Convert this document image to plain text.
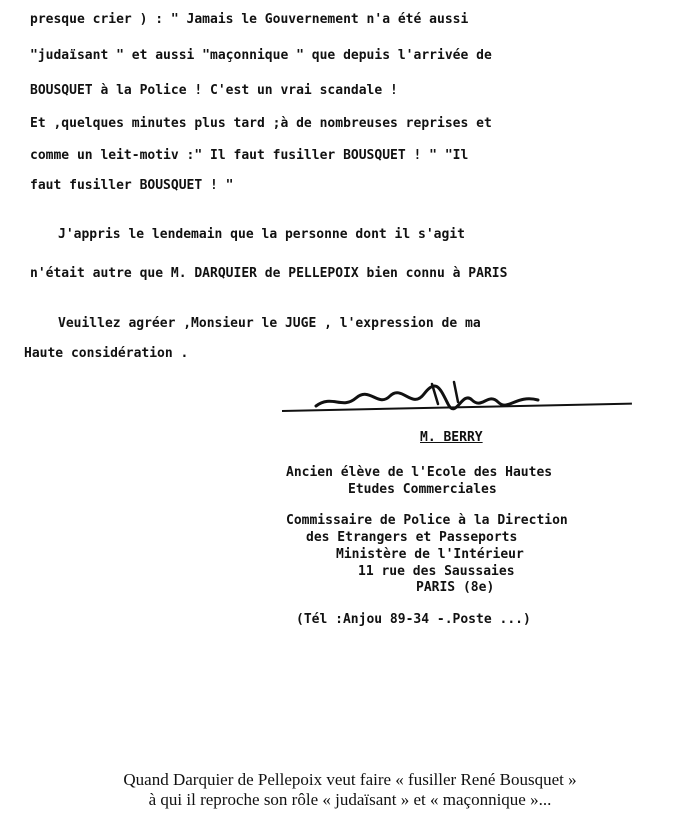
presque crier ) : " Jamais le Gouvernement n'a été aussi
"judaïsant " et aussi "maçonnique " que depuis l'arrivée de
BOUSQUET à la Police ! C'est un vrai scandale !
Et ,quelques minutes plus tard ;à de nombreuses reprises et
comme un leit-motiv :" Il faut fusiller BOUSQUET ! " "Il
faut fusiller BOUSQUET ! "
J'appris le lendemain que la personne dont il s'agit
n'était autre que M. DARQUIER de PELLEPOIX bien connu à PARIS
Veuillez agréer ,Monsieur le JUGE , l'expression de ma
Haute considération .
M. BERRY
Ancien élève de l'Ecole des Hautes
Etudes Commerciales
Commissaire de Police à la Direction
des Etrangers et Passeports
Ministère de l'Intérieur
11 rue des Saussaies
PARIS (8e)
(Tél :Anjou 89-34 -.Poste ...)
Quand Darquier de Pellepoix veut faire « fusiller René Bousquet »
à qui il reproche son rôle « judaïsant » et « maçonnique »...
